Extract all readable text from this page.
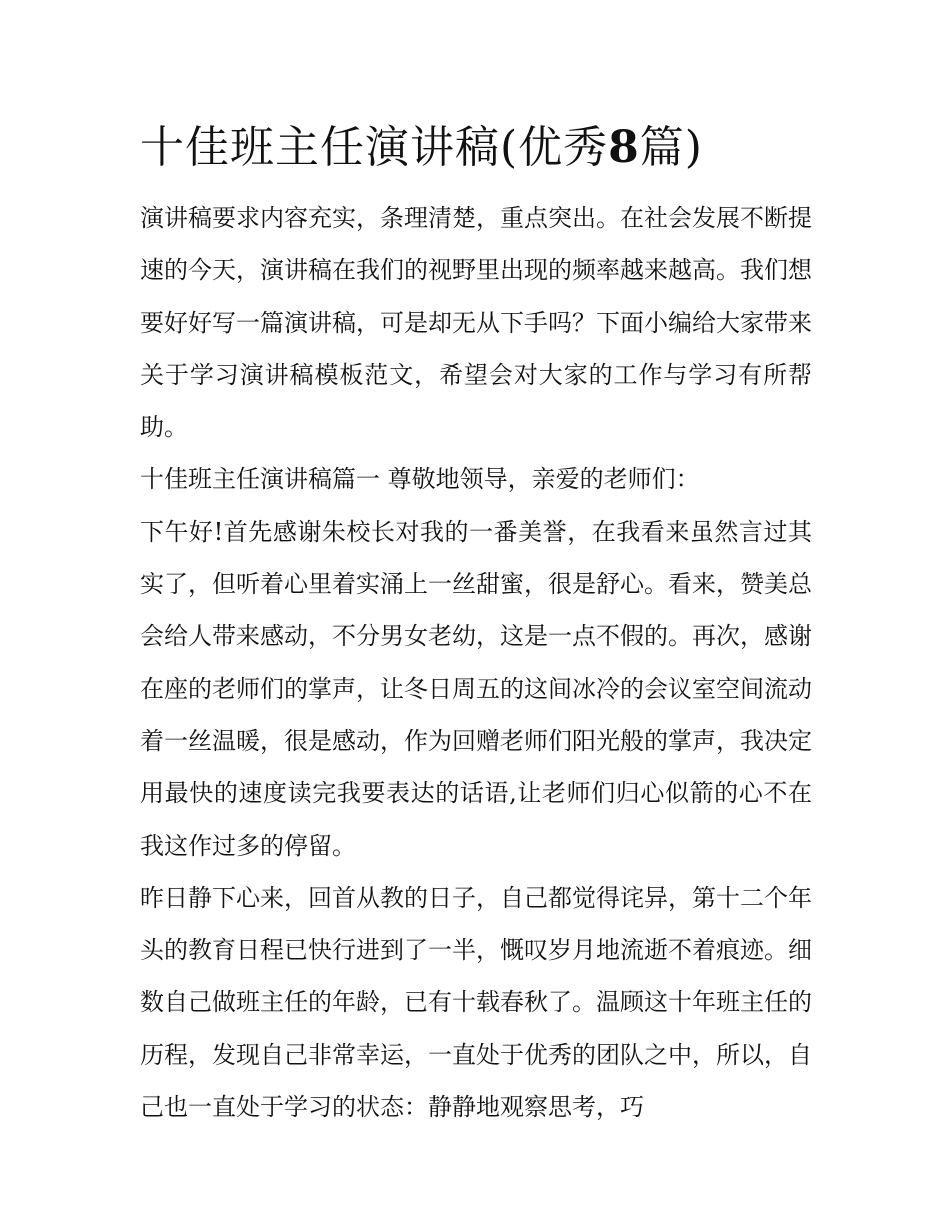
十佳班主任演讲稿(优秀8篇)

演讲稿要求内容充实，条理清楚，重点突出。在社会发展不断提速的今天，演讲稿在我们的视野里出现的频率越来越高。我们想要好好写一篇演讲稿，可是却无从下手吗？下面小编给大家带来关于学习演讲稿模板范文，希望会对大家的工作与学习有所帮助。

十佳班主任演讲稿篇一 尊敬地领导，亲爱的老师们：

下午好!首先感谢朱校长对我的一番美誉，在我看来虽然言过其实了，但听着心里着实涌上一丝甜蜜，很是舒心。看来，赞美总会给人带来感动，不分男女老幼，这是一点不假的。再次，感谢在座的老师们的掌声，让冬日周五的这间冰冷的会议室空间流动着一丝温暖，很是感动，作为回赠老师们阳光般的掌声，我决定用最快的速度读完我要表达的话语,让老师们归心似箭的心不在我这作过多的停留。

昨日静下心来，回首从教的日子，自己都觉得诧异，第十二个年头的教育日程已快行进到了一半，慨叹岁月地流逝不着痕迹。细数自己做班主任的年龄，已有十载春秋了。温顾这十年班主任的历程，发现自己非常幸运，一直处于优秀的团队之中，所以，自己也一直处于学习的状态：静静地观察思考，巧
